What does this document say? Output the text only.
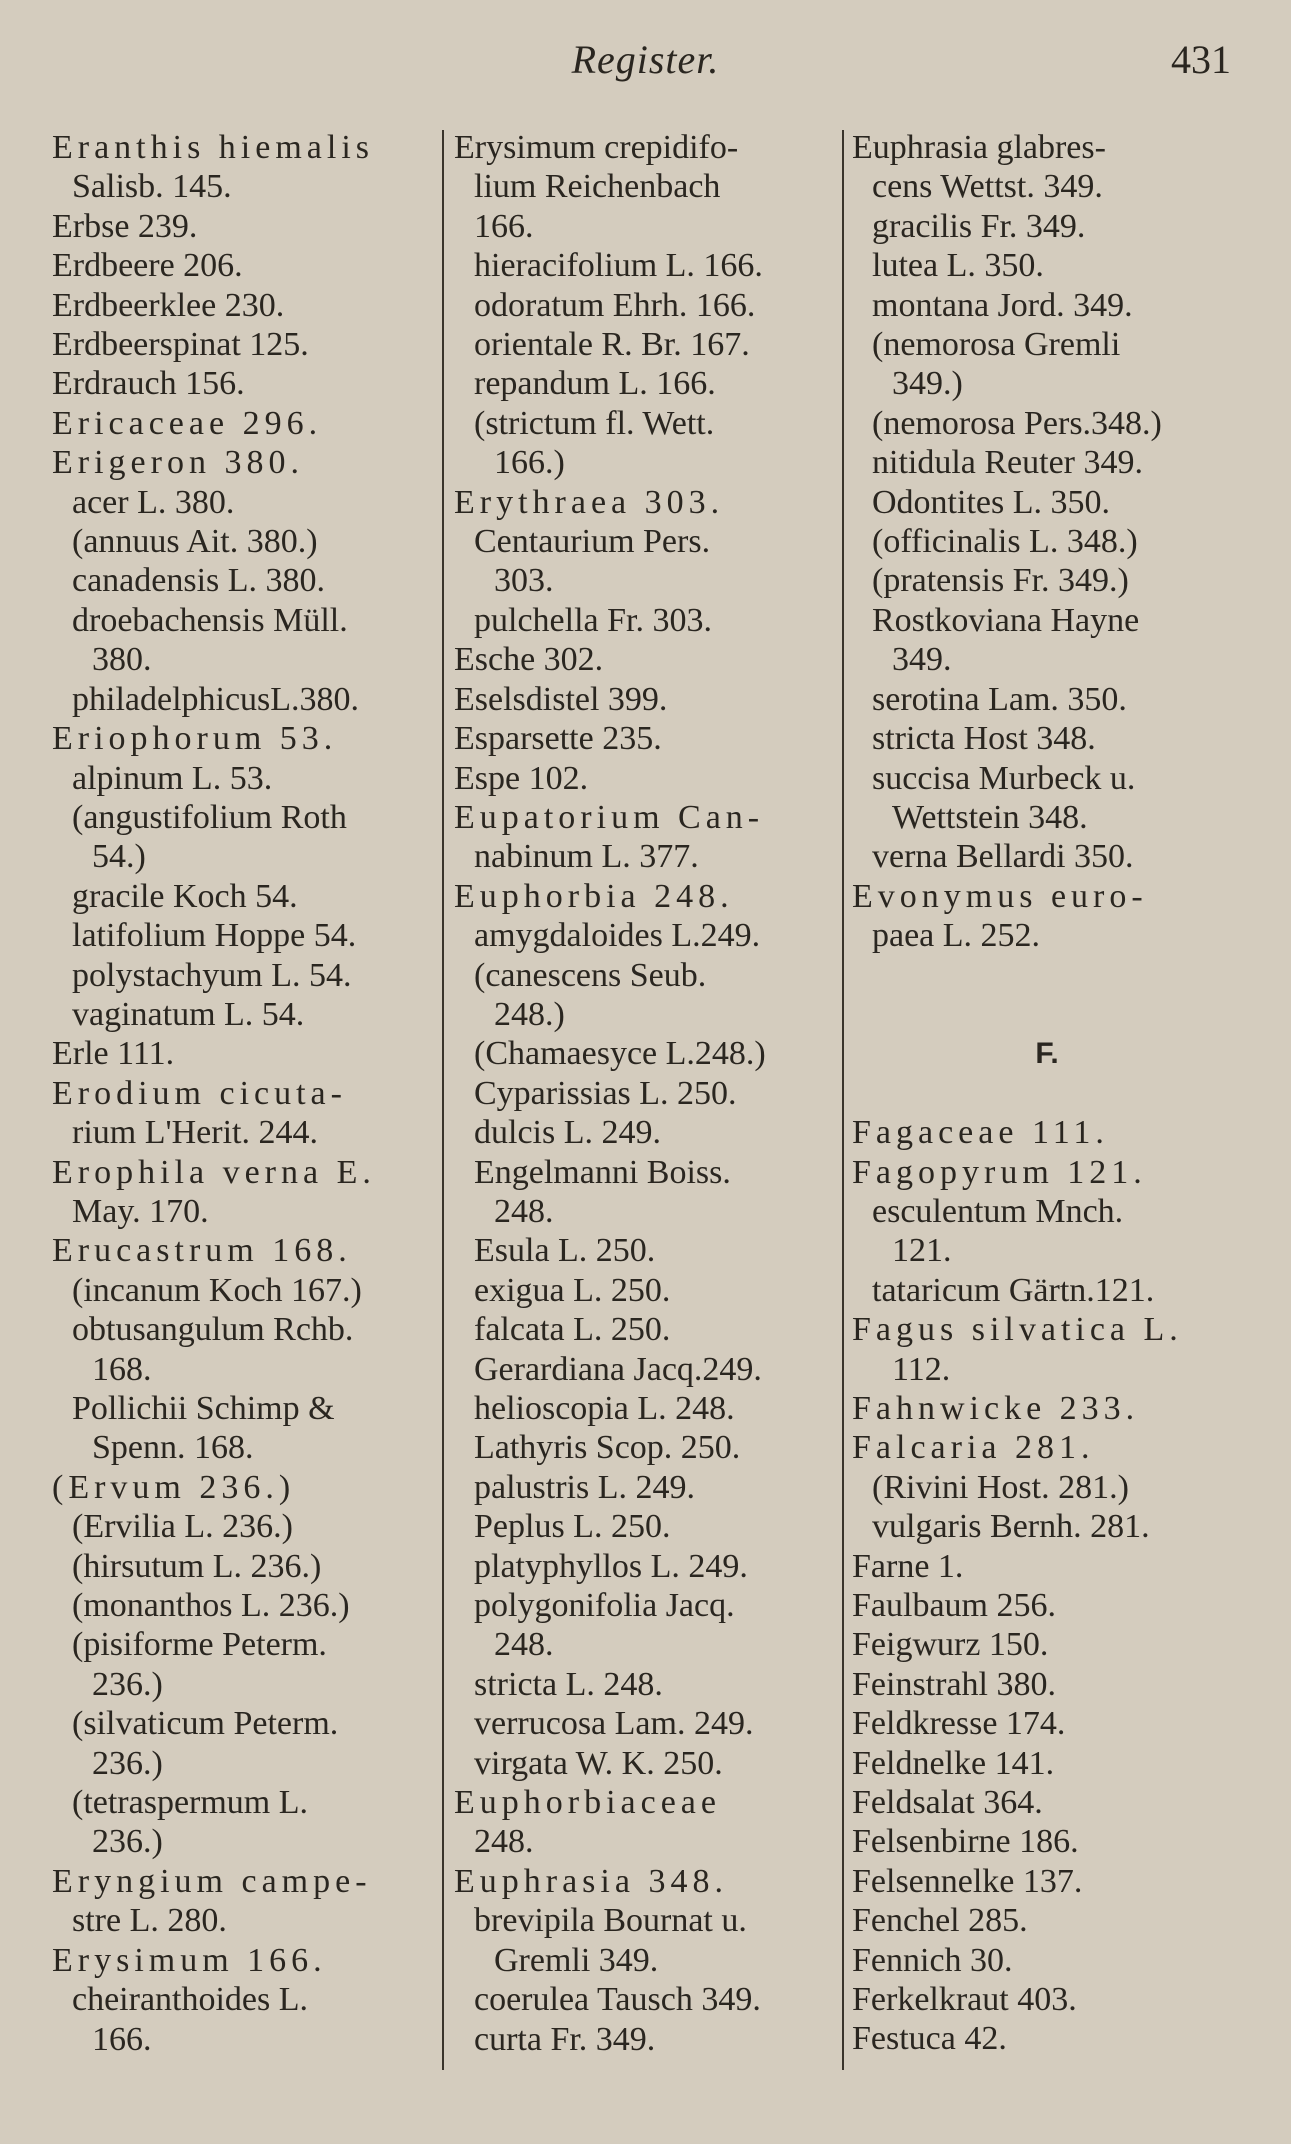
Register.	431
Eranthis hiemalis
Salisb. 145.
Erbse 239.
Erdbeere 206.
Erdbeerklee 230.
Erdbeerspinat 125.
Erdrauch 156.
Ericaceae 296.
Erigeron 380.
acer L. 380.
(annuus Ait. 380.)
canadensis L. 380.
droebachensis Müll.
380.
philadelphicusL.380.
Eriophorum 53.
alpinum L. 53.
(angustifolium Roth
54.)
gracile Koch 54.
latifolium Hoppe 54.
polystachyum L. 54.
vaginatum L. 54.
Erle 111.
Erodium cicuta-
rium L'Herit. 244.
Erophila verna E.
May. 170.
Erucastrum 168.
(incanum Koch 167.)
obtusangulum Rchb.
168.
Pollichii Schimp &
Spenn. 168.
(Ervum 236.)
(Ervilia L. 236.)
(hirsutum L. 236.)
(monanthos L. 236.)
(pisiforme Peterm.
236.)
(silvaticum Peterm.
236.)
(tetraspermum L.
236.)
Eryngium campe-
stre L. 280.
Erysimum 166.
cheiranthoides L.
166.
Erysimum crepidifo-
lium Reichenbach
166.
hieracifolium L. 166.
odoratum Ehrh. 166.
orientale R. Br. 167.
repandum L. 166.
(strictum fl. Wett.
166.)
Erythraea 303.
Centaurium Pers.
303.
pulchella Fr. 303.
Esche 302.
Eselsdistel 399.
Esparsette 235.
Espe 102.
Eupatorium Can-
nabinum L. 377.
Euphorbia 248.
amygdaloides L.249.
(canescens Seub.
248.)
(Chamaesyce L.248.)
Cyparissias L. 250.
dulcis L. 249.
Engelmanni Boiss.
248.
Esula L. 250.
exigua L. 250.
falcata L. 250.
Gerardiana Jacq.249.
helioscopia L. 248.
Lathyris Scop. 250.
palustris L. 249.
Peplus L. 250.
platyphyllos L. 249.
polygonifolia Jacq.
248.
stricta L. 248.
verrucosa Lam. 249.
virgata W. K. 250.
Euphorbiaceae
248.
Euphrasia 348.
brevipila Bournat u.
Gremli 349.
coerulea Tausch 349.
curta Fr. 349.
Euphrasia glabres-
cens Wettst. 349.
gracilis Fr. 349.
lutea L. 350.
montana Jord. 349.
(nemorosa Gremli
349.)
(nemorosa Pers.348.)
nitidula Reuter 349.
Odontites L. 350.
(officinalis L. 348.)
(pratensis Fr. 349.)
Rostkoviana Hayne
349.
serotina Lam. 350.
stricta Host 348.
succisa Murbeck u.
Wettstein 348.
verna Bellardi 350.
Evonymus euro-
paea L. 252.
F.
Fagaceae 111.
Fagopyrum 121.
esculentum Mnch.
121.
tataricum Gärtn.121.
Fagus silvatica L.
112.
Fahnwicke 233.
Falcaria 281.
(Rivini Host. 281.)
vulgaris Bernh. 281.
Farne 1.
Faulbaum 256.
Feigwurz 150.
Feinstrahl 380.
Feldkresse 174.
Feldnelke 141.
Feldsalat 364.
Felsenbirne 186.
Felsennelke 137.
Fenchel 285.
Fennich 30.
Ferkelkraut 403.
Festuca 42.
